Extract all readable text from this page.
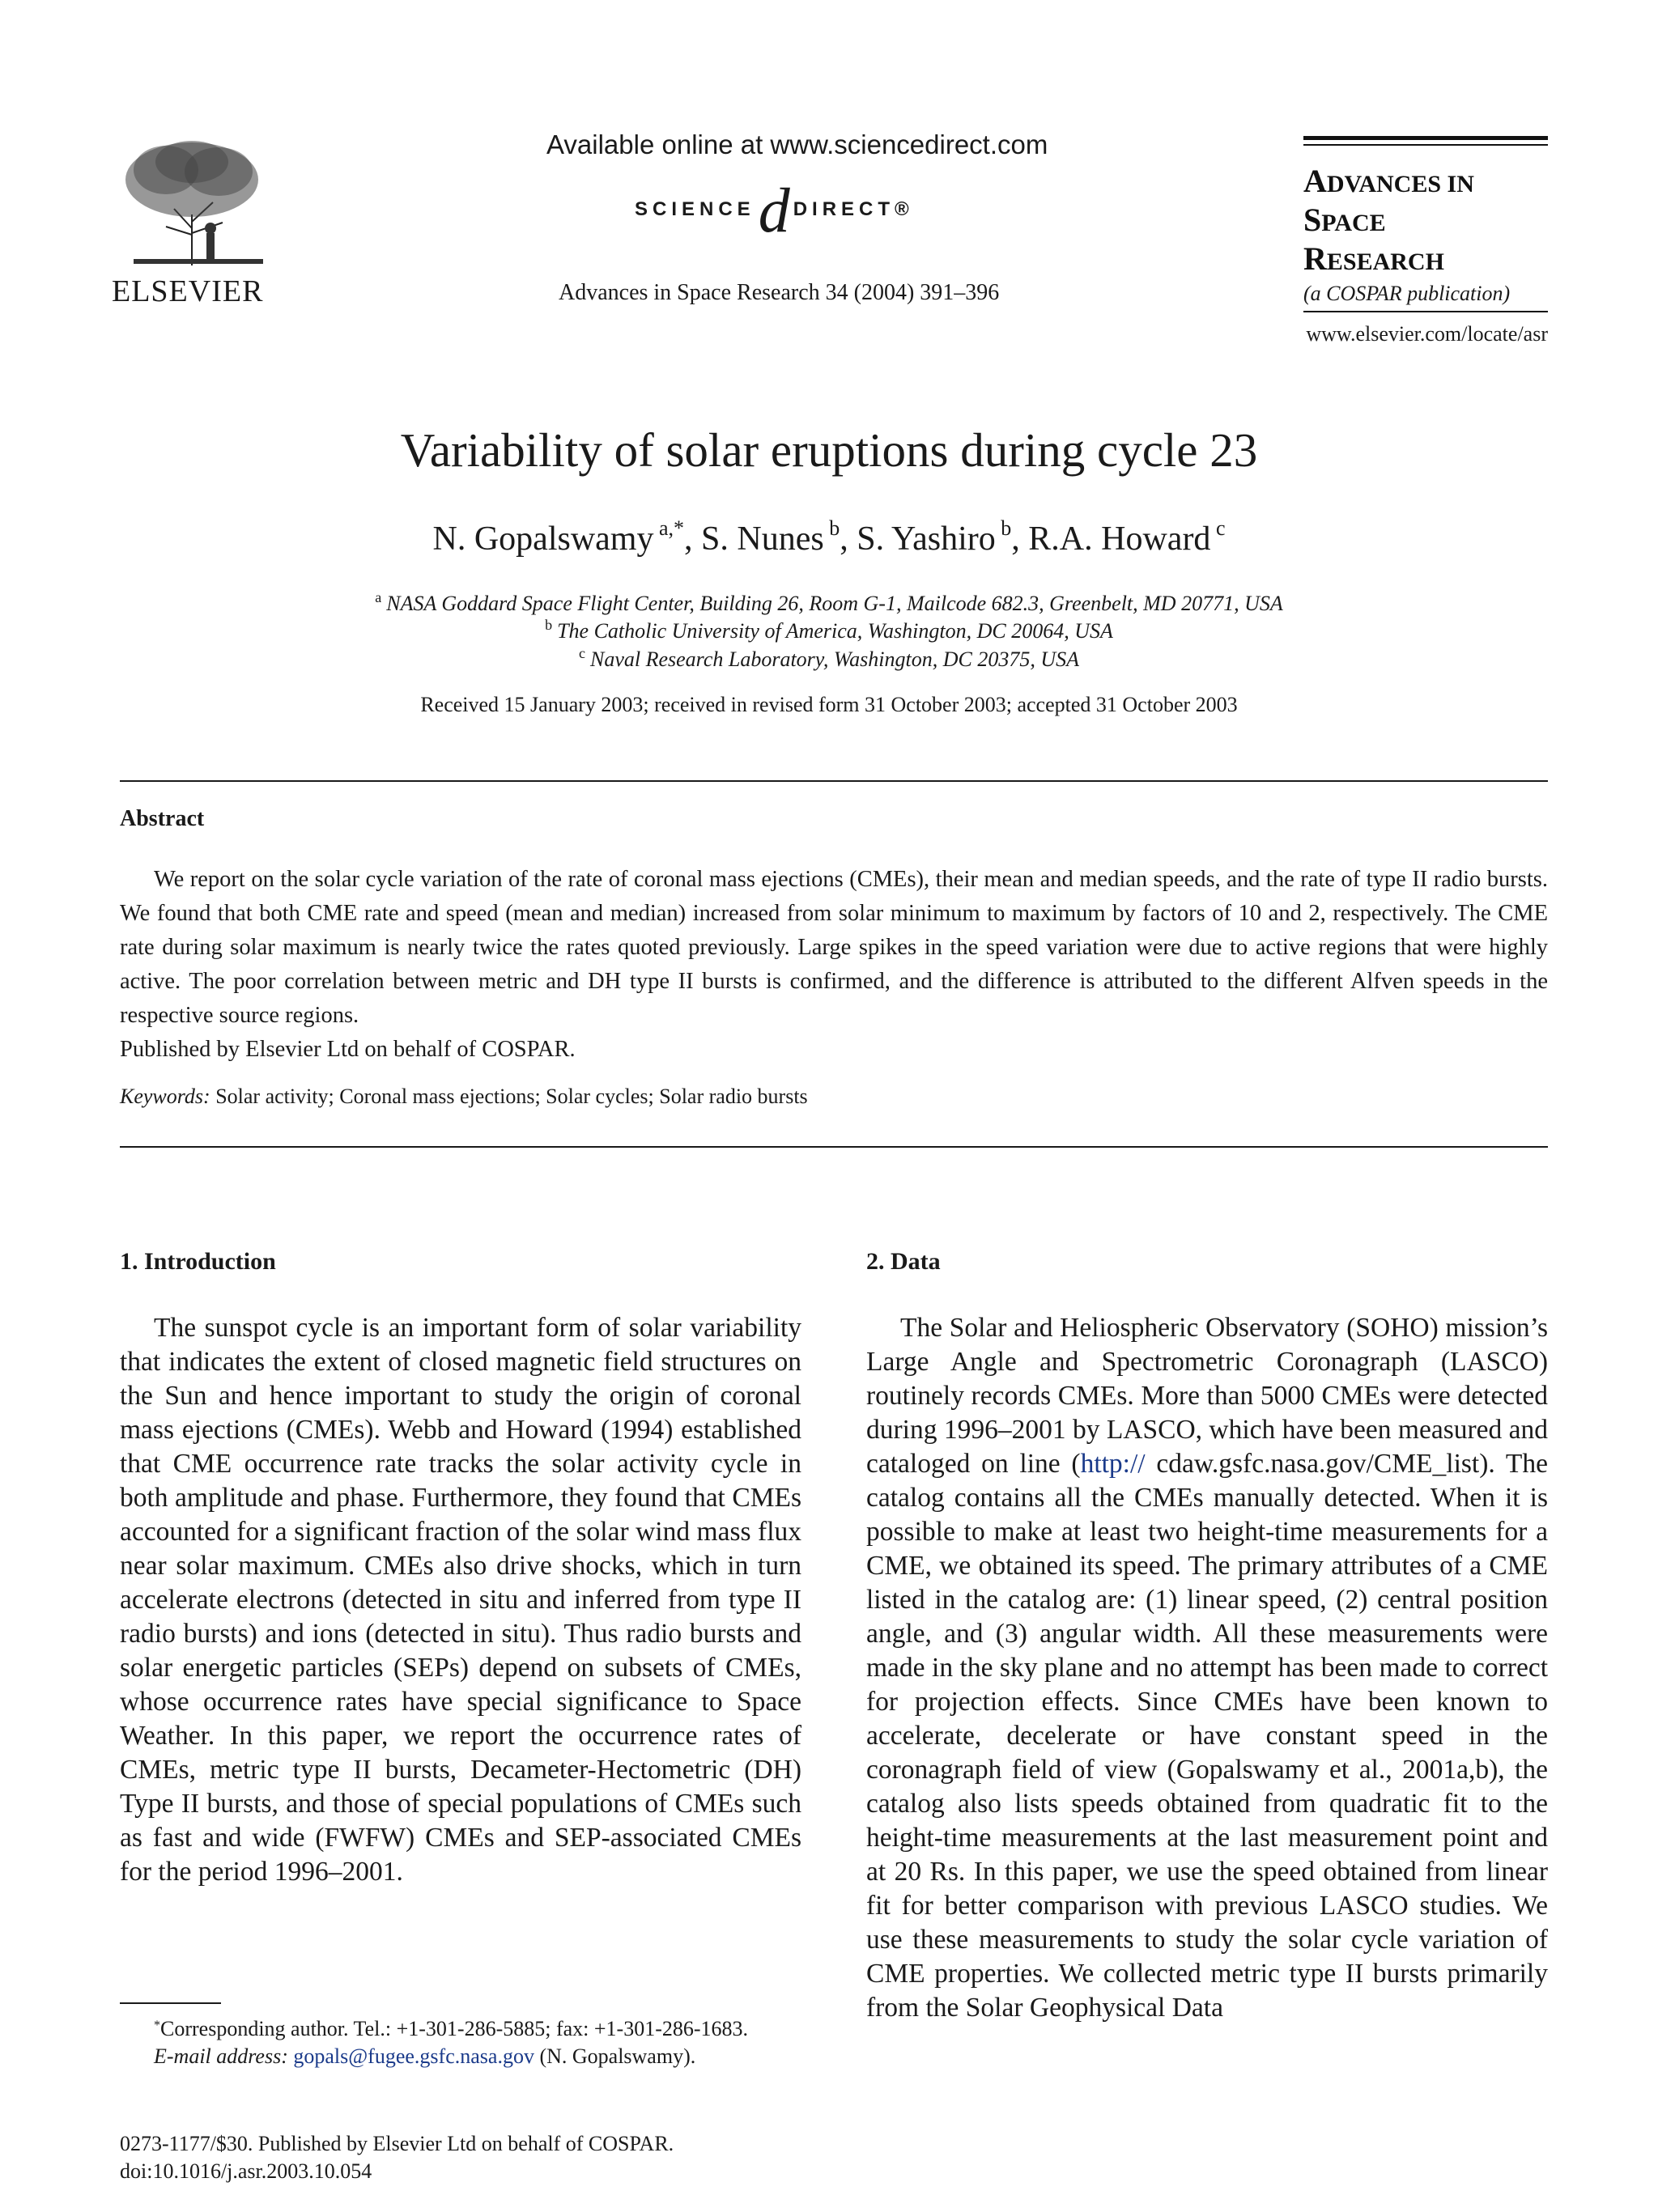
ELSEVIER
Available online at www.sciencedirect.com
SCIENCEd DIRECT®
Advances in Space Research 34 (2004) 391–396
ADVANCES IN
SPACE
RESEARCH
(a COSPAR publication)
www.elsevier.com/locate/asr
Variability of solar eruptions during cycle 23
N. Gopalswamy $^{a,*}$, S. Nunes $^b$, S. Yashiro $^b$, R.A. Howard $^c$
$^a$ NASA Goddard Space Flight Center, Building 26, Room G-1, Mailcode 682.3, Greenbelt, MD 20771, USA
$^b$ The Catholic University of America, Washington, DC 20064, USA
$^c$ Naval Research Laboratory, Washington, DC 20375, USA
Received 15 January 2003; received in revised form 31 October 2003; accepted 31 October 2003
Abstract

We report on the solar cycle variation of the rate of coronal mass ejections (CMEs), their mean and median speeds, and the rate of type II radio bursts. We found that both CME rate and speed (mean and median) increased from solar minimum to maximum by factors of 10 and 2, respectively. The CME rate during solar maximum is nearly twice the rates quoted previously. Large spikes in the speed variation were due to active regions that were highly active. The poor correlation between metric and DH type II bursts is confirmed, and the difference is attributed to the different Alfven speeds in the respective source regions.

Published by Elsevier Ltd on behalf of COSPAR.

Keywords: Solar activity; Coronal mass ejections; Solar cycles; Solar radio bursts
1. Introduction

The sunspot cycle is an important form of solar variability that indicates the extent of closed magnetic field structures on the Sun and hence important to study the origin of coronal mass ejections (CMEs). Webb and Howard (1994) established that CME occurrence rate tracks the solar activity cycle in both amplitude and phase. Furthermore, they found that CMEs accounted for a significant fraction of the solar wind mass flux near solar maximum. CMEs also drive shocks, which in turn accelerate electrons (detected in situ and inferred from type II radio bursts) and ions (detected in situ). Thus radio bursts and solar energetic particles (SEPs) depend on subsets of CMEs, whose occurrence rates have special significance to Space Weather. In this paper, we report the occurrence rates of CMEs, metric type II bursts, Decameter-Hectometric (DH) Type II bursts, and those of special populations of CMEs such as fast and wide (FWFW) CMEs and SEP-associated CMEs for the period 1996–2001.

2. Data

The Solar and Heliospheric Observatory (SOHO) mission’s Large Angle and Spectrometric Coronagraph (LASCO) routinely records CMEs. More than 5000 CMEs were detected during 1996–2001 by LASCO, which have been measured and cataloged on line (http:// cdaw.gsfc.nasa.gov/CME_list). The catalog contains all the CMEs manually detected. When it is possible to make at least two height-time measurements for a CME, we obtained its speed. The primary attributes of a CME listed in the catalog are: (1) linear speed, (2) central position angle, and (3) angular width. All these measurements were made in the sky plane and no attempt has been made to correct for projection effects. Since CMEs have been known to accelerate, decelerate or have constant speed in the coronagraph field of view (Gopalswamy et al., 2001a,b), the catalog also lists speeds obtained from quadratic fit to the height-time measurements at the last measurement point and at 20 Rs. In this paper, we use the speed obtained from linear fit for better comparison with previous LASCO studies. We use these measurements to study the solar cycle variation of CME properties. We collected metric type II bursts primarily from the Solar Geophysical Data

*Corresponding author. Tel.: +1-301-286-5885; fax: +1-301-286-1683.

E-mail address: gopals@fugee.gsfc.nasa.gov (N. Gopalswamy).

0273-1177/$30. Published by Elsevier Ltd on behalf of COSPAR.
doi:10.1016/j.asr.2003.10.054
